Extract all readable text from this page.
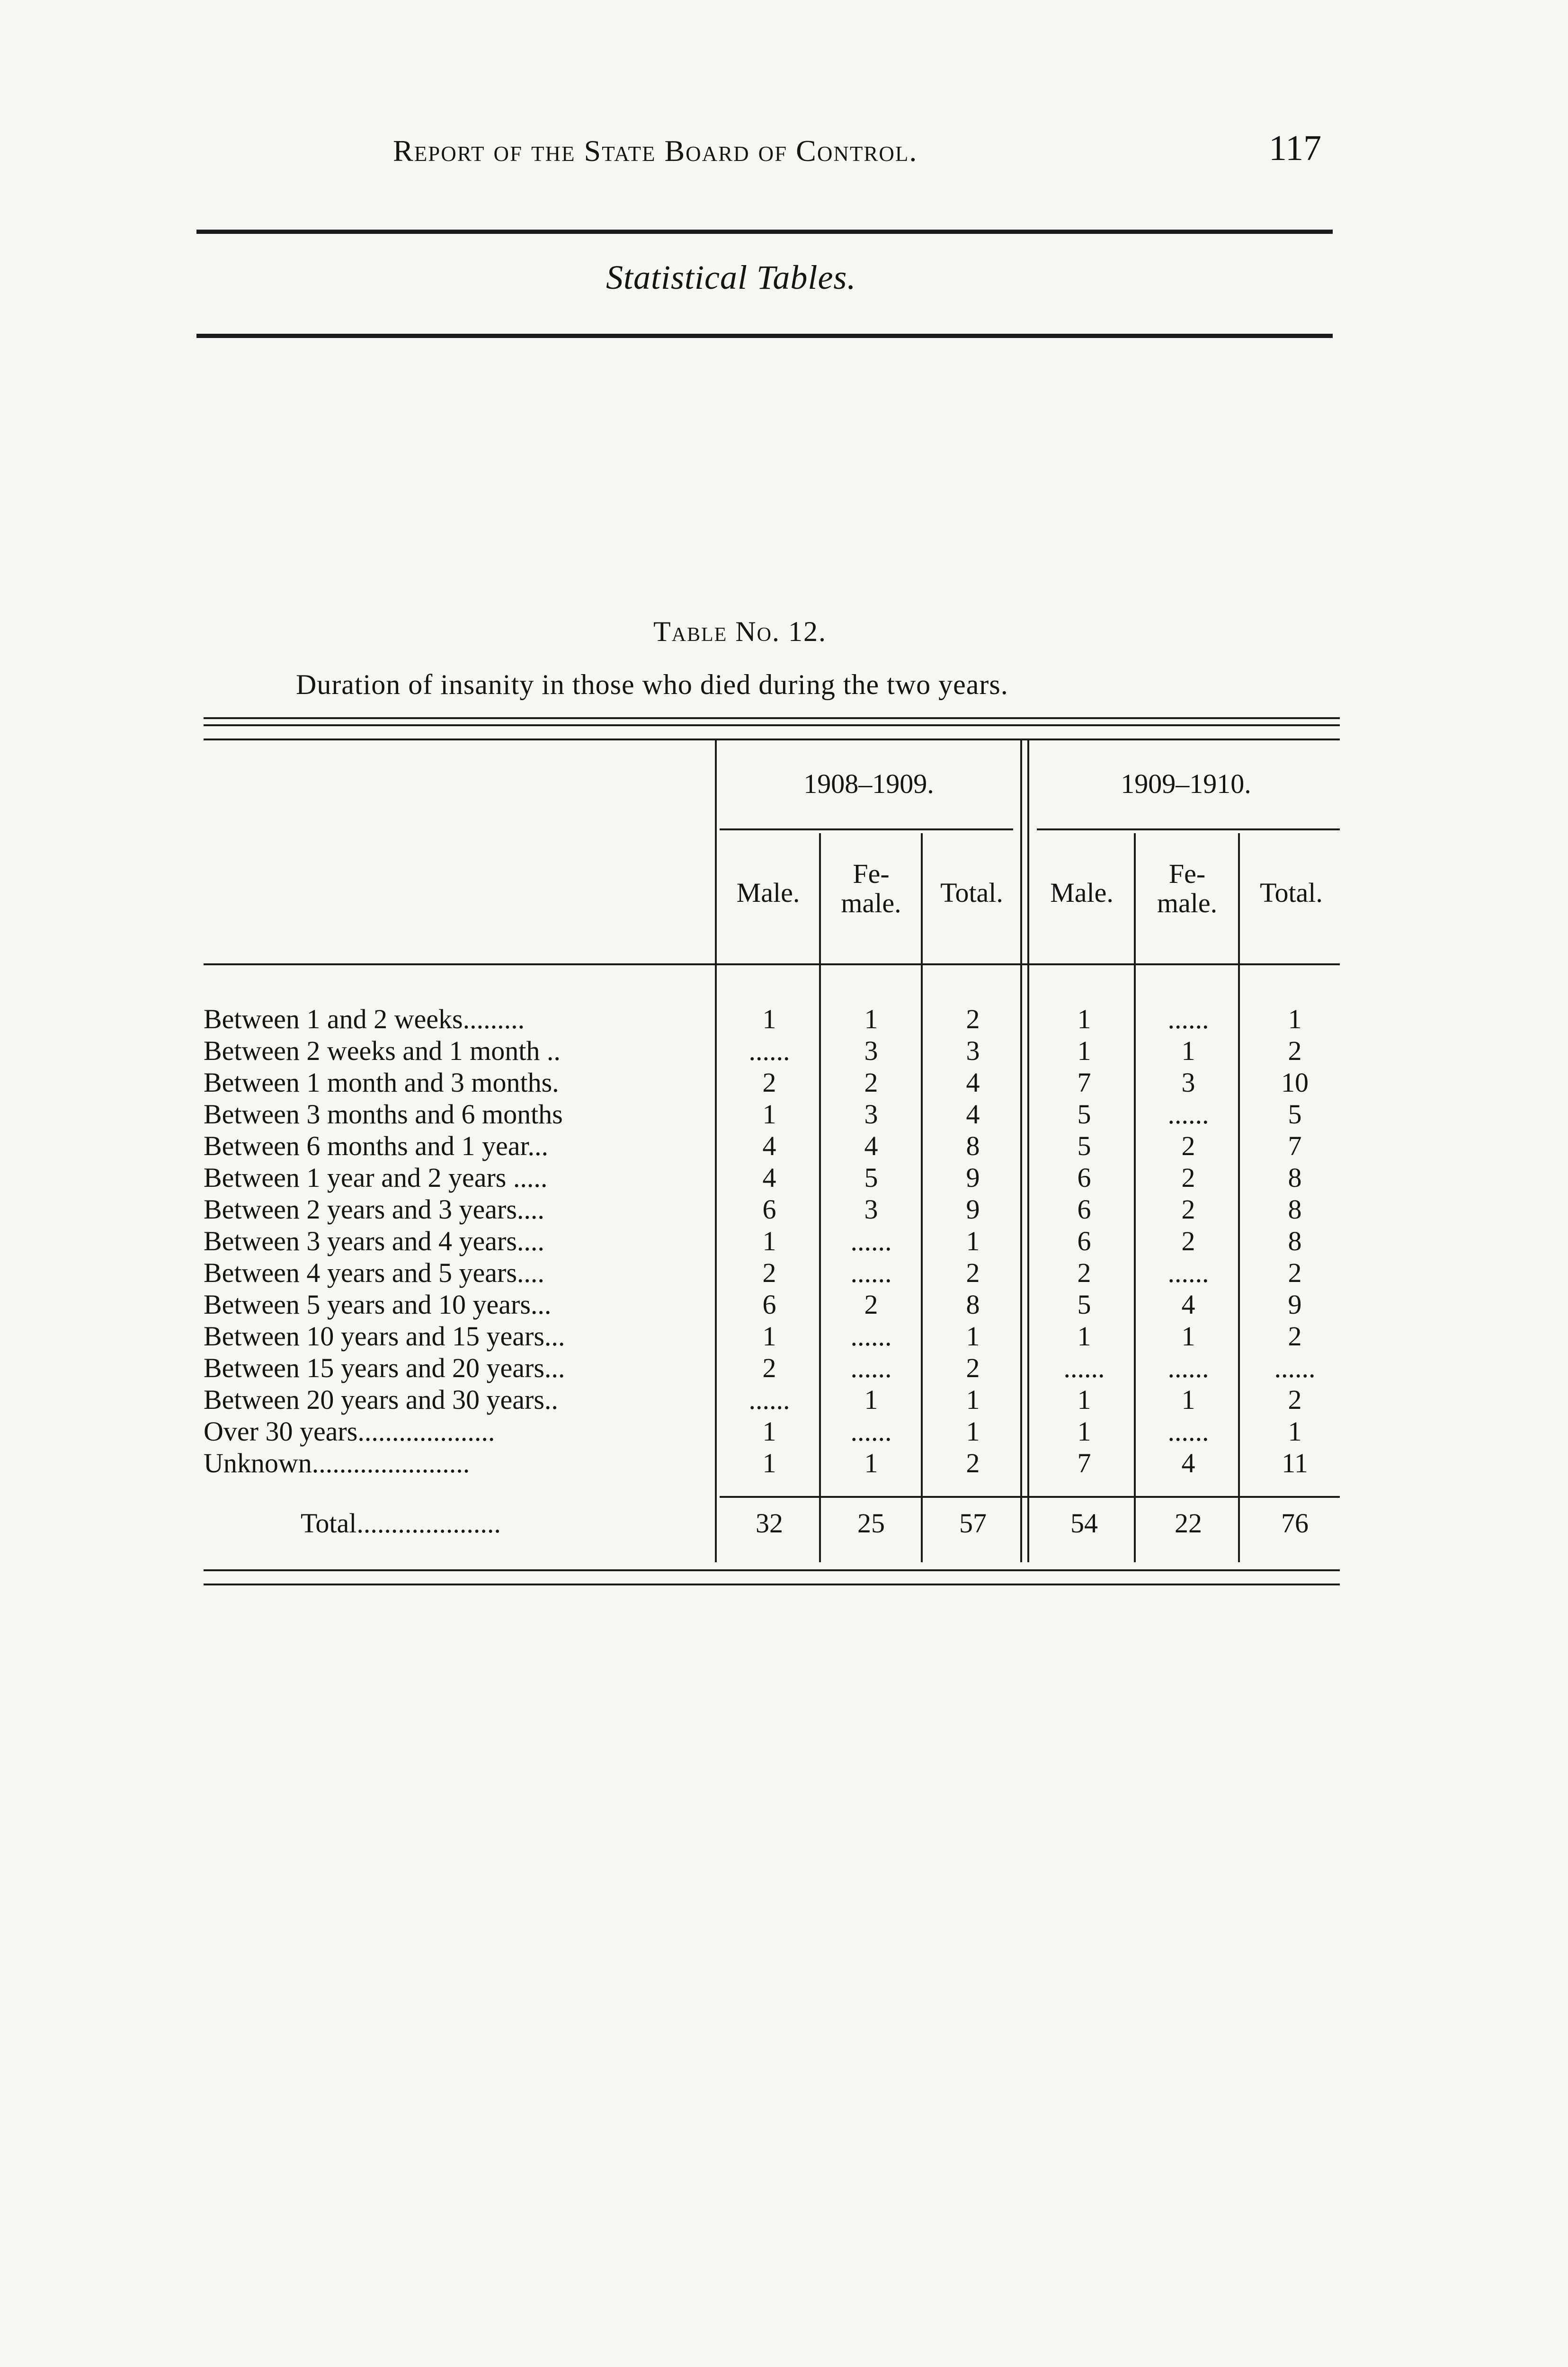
Report of the State Board of Control.	117
Statistical Tables.
Table No. 12.
Duration of insanity in those who died during the two years.
1908–1909.	1909–1910.
Male.
Fe-
male.	Total.	Male.
Fe-
male.	Total.
Between 1 and 2 weeks.........	1	1	2	1	......	1
Between 2 weeks and 1 month ..	......	3	3	1	1	2
Between 1 month and 3 months.	2	2	4	7	3	10
Between 3 months and 6 months	1	3	4	5	......	5
Between 6 months and 1 year...	4	4	8	5	2	7
Between 1 year and 2 years .....	4	5	9	6	2	8
Between 2 years and 3 years....	6	3	9	6	2	8
Between 3 years and 4 years....	1	......	1	6	2	8
Between 4 years and 5 years....	2	......	2	2	......	2
Between 5 years and 10 years...	6	2	8	5	4	9
Between 10 years and 15 years...	1	......	1	1	1	2
Between 15 years and 20 years...	2	......	2	......	......	......
Between 20 years and 30 years..	......	1	1	1	1	2
Over 30 years....................	1	......	1	1	......	1
Unknown.......................	1	1	2	7	4	11
Total.....................	32	25	57	54	22	76
